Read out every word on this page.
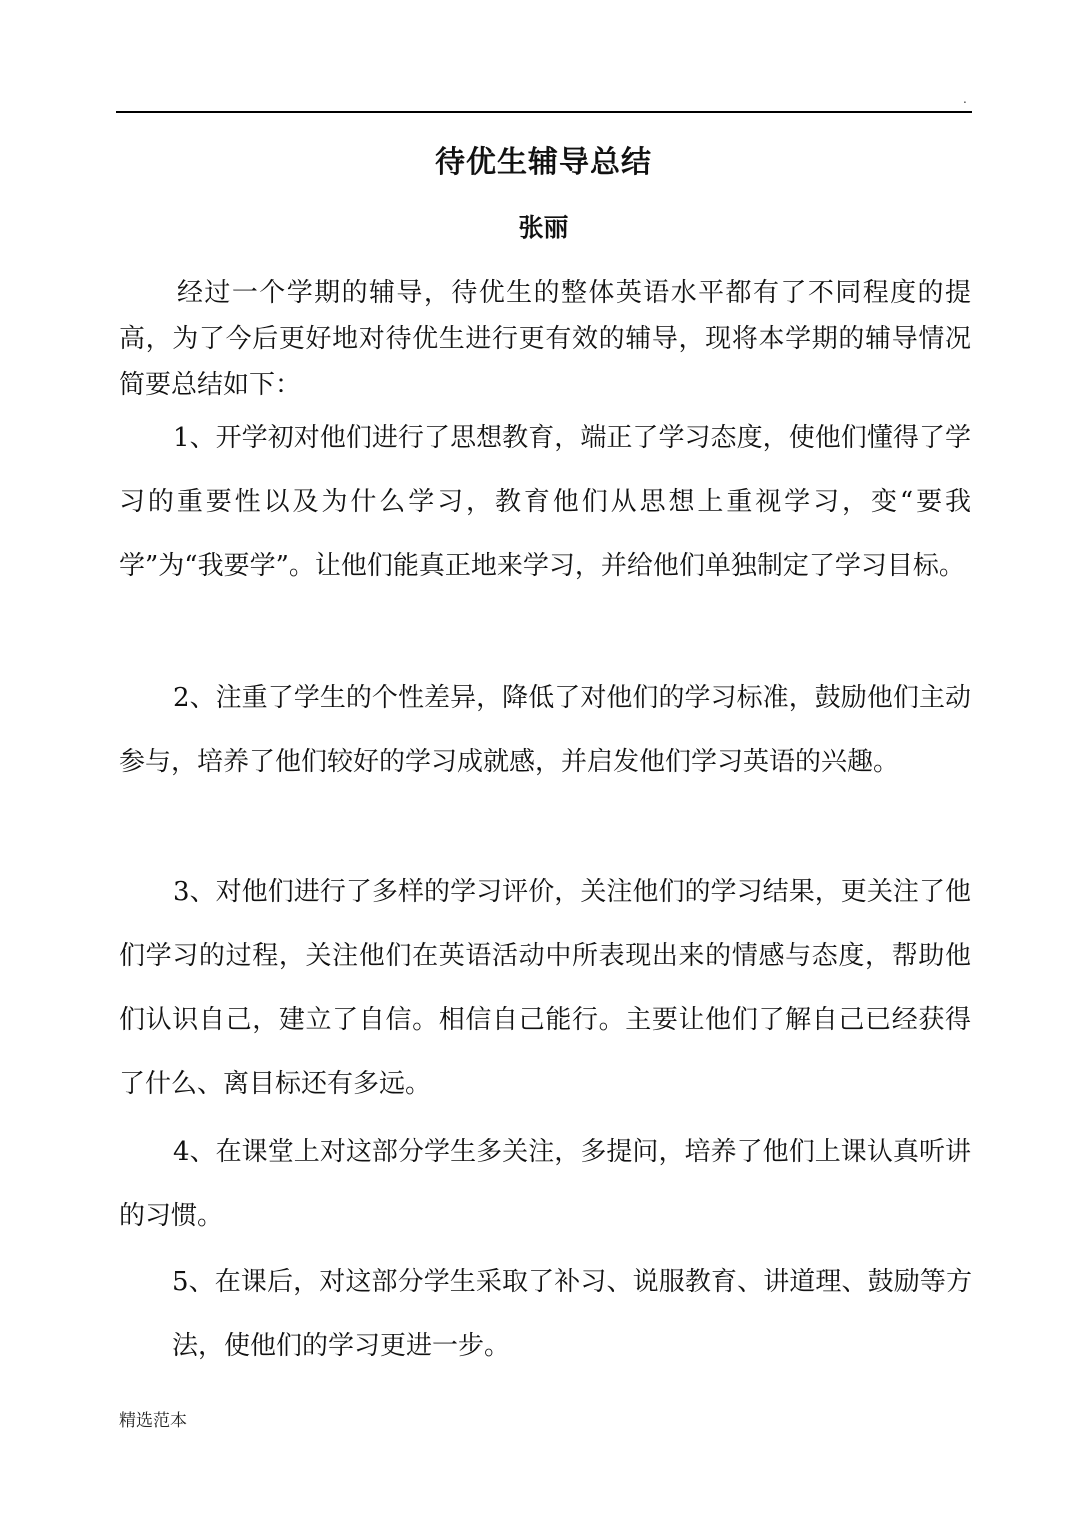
.
待优生辅导总结
张丽
经过一个学期的辅导，待优生的整体英语水平都有了不同程度的提高，为了今后更好地对待优生进行更有效的辅导，现将本学期的辅导情况简要总结如下：
1、开学初对他们进行了思想教育，端正了学习态度，使他们懂得了学习的重要性以及为什么学习，教育他们从思想上重视学习，变“要我学”为“我要学”。让他们能真正地来学习，并给他们单独制定了学习目标。
2、注重了学生的个性差异，降低了对他们的学习标准，鼓励他们主动参与，培养了他们较好的学习成就感，并启发他们学习英语的兴趣。
3、对他们进行了多样的学习评价，关注他们的学习结果，更关注了他们学习的过程，关注他们在英语活动中所表现出来的情感与态度，帮助他们认识自己，建立了自信。相信自己能行。主要让他们了解自己已经获得了什么、离目标还有多远。
4、在课堂上对这部分学生多关注，多提问，培养了他们上课认真听讲的习惯。
5、在课后，对这部分学生采取了补习、说服教育、讲道理、鼓励等方法，使他们的学习更进一步。
精选范本
